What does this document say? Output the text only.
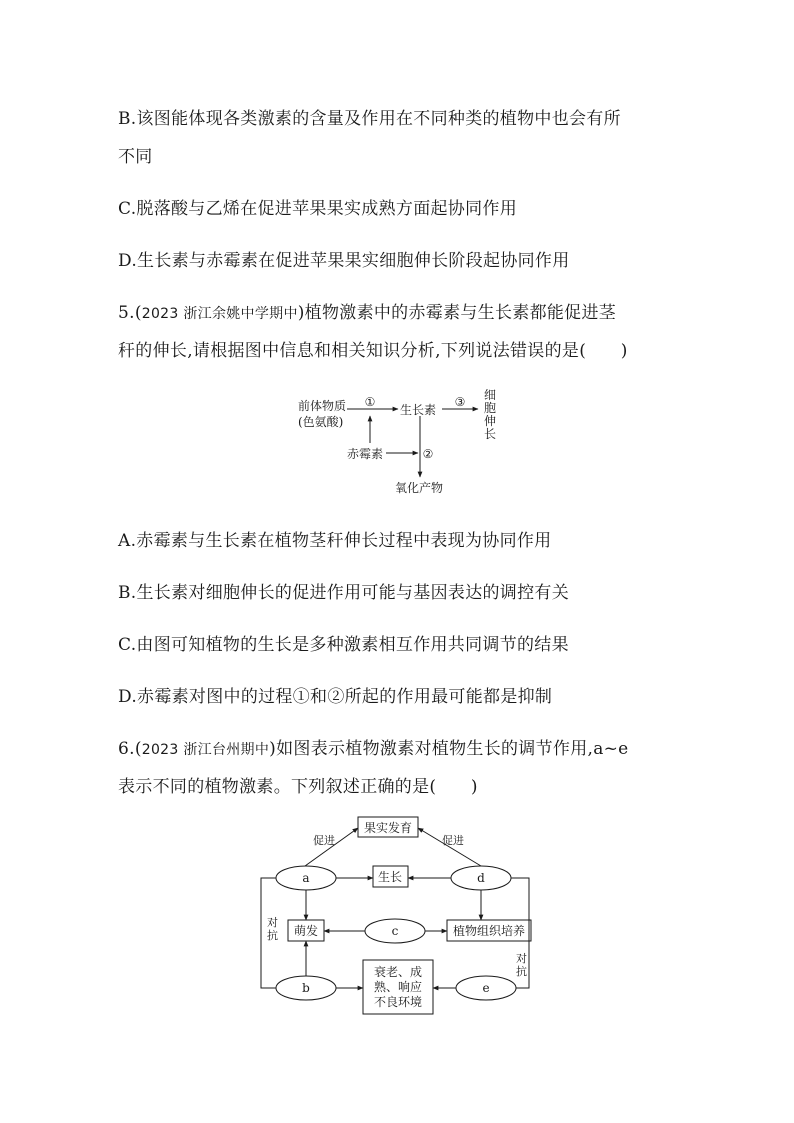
B.该图能体现各类激素的含量及作用在不同种类的植物中也会有所
不同
C.脱落酸与乙烯在促进苹果果实成熟方面起协同作用
D.生长素与赤霉素在促进苹果果实细胞伸长阶段起协同作用
5.(2023 浙江余姚中学期中)植物激素中的赤霉素与生长素都能促进茎
秆的伸长,请根据图中信息和相关知识分析,下列说法错误的是(　　)
前体物质
(色氨酸)
①
生长素
③ 细
胞
伸
长
赤霉素	②
氧化产物
A.赤霉素与生长素在植物茎秆伸长过程中表现为协同作用
B.生长素对细胞伸长的促进作用可能与基因表达的调控有关
C.由图可知植物的生长是多种激素相互作用共同调节的结果
D.赤霉素对图中的过程①和②所起的作用最可能都是抑制
6.(2023 浙江台州期中)如图表示植物激素对植物生长的调节作用,a~e
表示不同的植物激素。下列叙述正确的是(　　)
果实发育
促进	促进
a	生长	d
萌发	c	植物组织培养
b
衰老、成
熟、响应
不良环境
e
对
抗
对
抗
